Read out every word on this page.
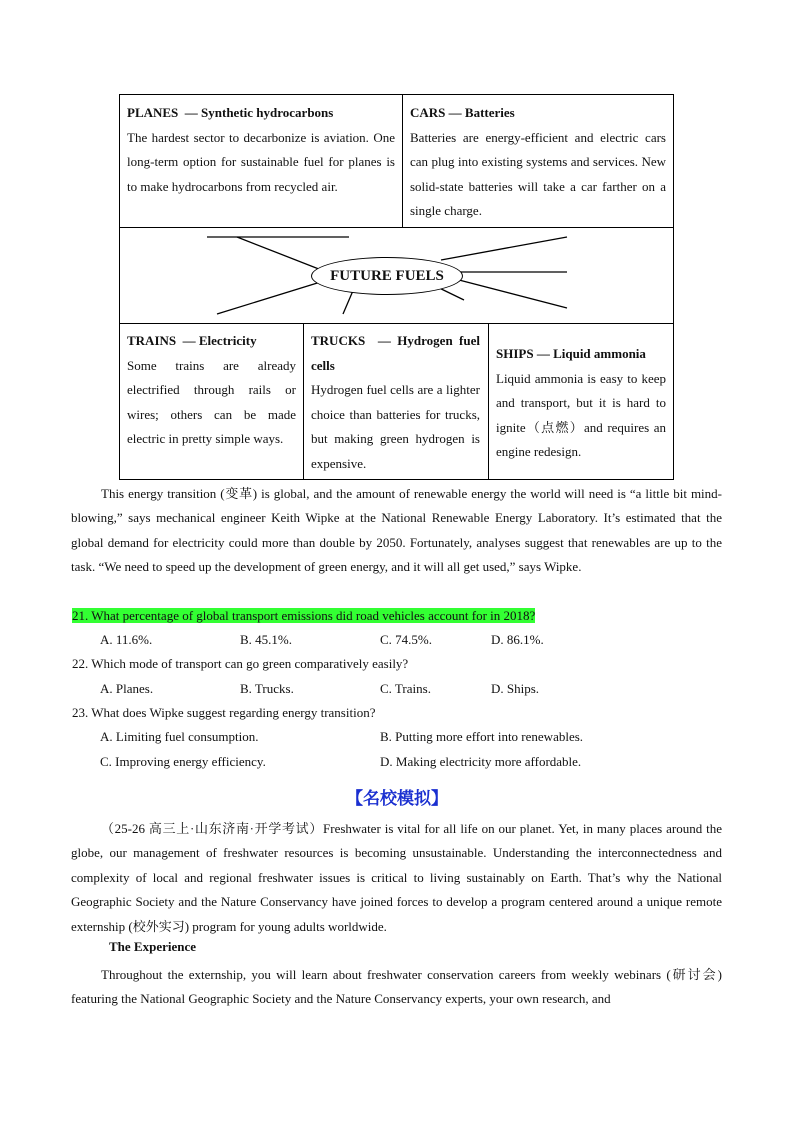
PLANES  — Synthetic hydrocarbons
The hardest sector to decarbonize is aviation. One long-term option for sustainable fuel for planes is to make hydrocarbons from recycled air.
CARS — Batteries
Batteries are energy-efficient and electric cars can plug into existing systems and services. New solid-state batteries will take a car farther on a single charge.
FUTURE FUELS
TRAINS  — Electricity
Some trains are already electrified through rails or wires; others can be made electric in pretty simple ways.
TRUCKS  — Hydrogen fuel cells
Hydrogen fuel cells are a lighter choice than batteries for trucks, but making green hydrogen is expensive.
SHIPS — Liquid ammonia
Liquid ammonia is easy to keep and transport, but it is hard to ignite（点燃）and requires an engine redesign.
This energy transition (变革) is global, and the amount of renewable energy the world will need is “a little bit mind-blowing,” says mechanical engineer Keith Wipke at the National Renewable Energy Laboratory. It’s estimated that the global demand for electricity could more than double by 2050. Fortunately, analyses suggest that renewables are up to the task. “We need to speed up the development of green energy, and it will all get used,” says Wipke.
21. What percentage of global transport emissions did road vehicles account for in 2018?
A. 11.6%.	B. 45.1%.	C. 74.5%.	D. 86.1%.
22. Which mode of transport can go green comparatively easily?
A. Planes.	B. Trucks.	C. Trains.	D. Ships.
23. What does Wipke suggest regarding energy transition?
A. Limiting fuel consumption.	B. Putting more effort into renewables.
C. Improving energy efficiency.	D. Making electricity more affordable.
【名校模拟】
（25-26 高三上·山东济南·开学考试）Freshwater is vital for all life on our planet. Yet, in many places around the globe, our management of freshwater resources is becoming unsustainable. Understanding the interconnectedness and complexity of local and regional freshwater issues is critical to living sustainably on Earth. That’s why the National Geographic Society and the Nature Conservancy have joined forces to develop a program centered around a unique remote externship (校外实习) program for young adults worldwide.
The Experience
Throughout the externship, you will learn about freshwater conservation careers from weekly webinars (研讨会) featuring the National Geographic Society and the Nature Conservancy experts, your own research, and
